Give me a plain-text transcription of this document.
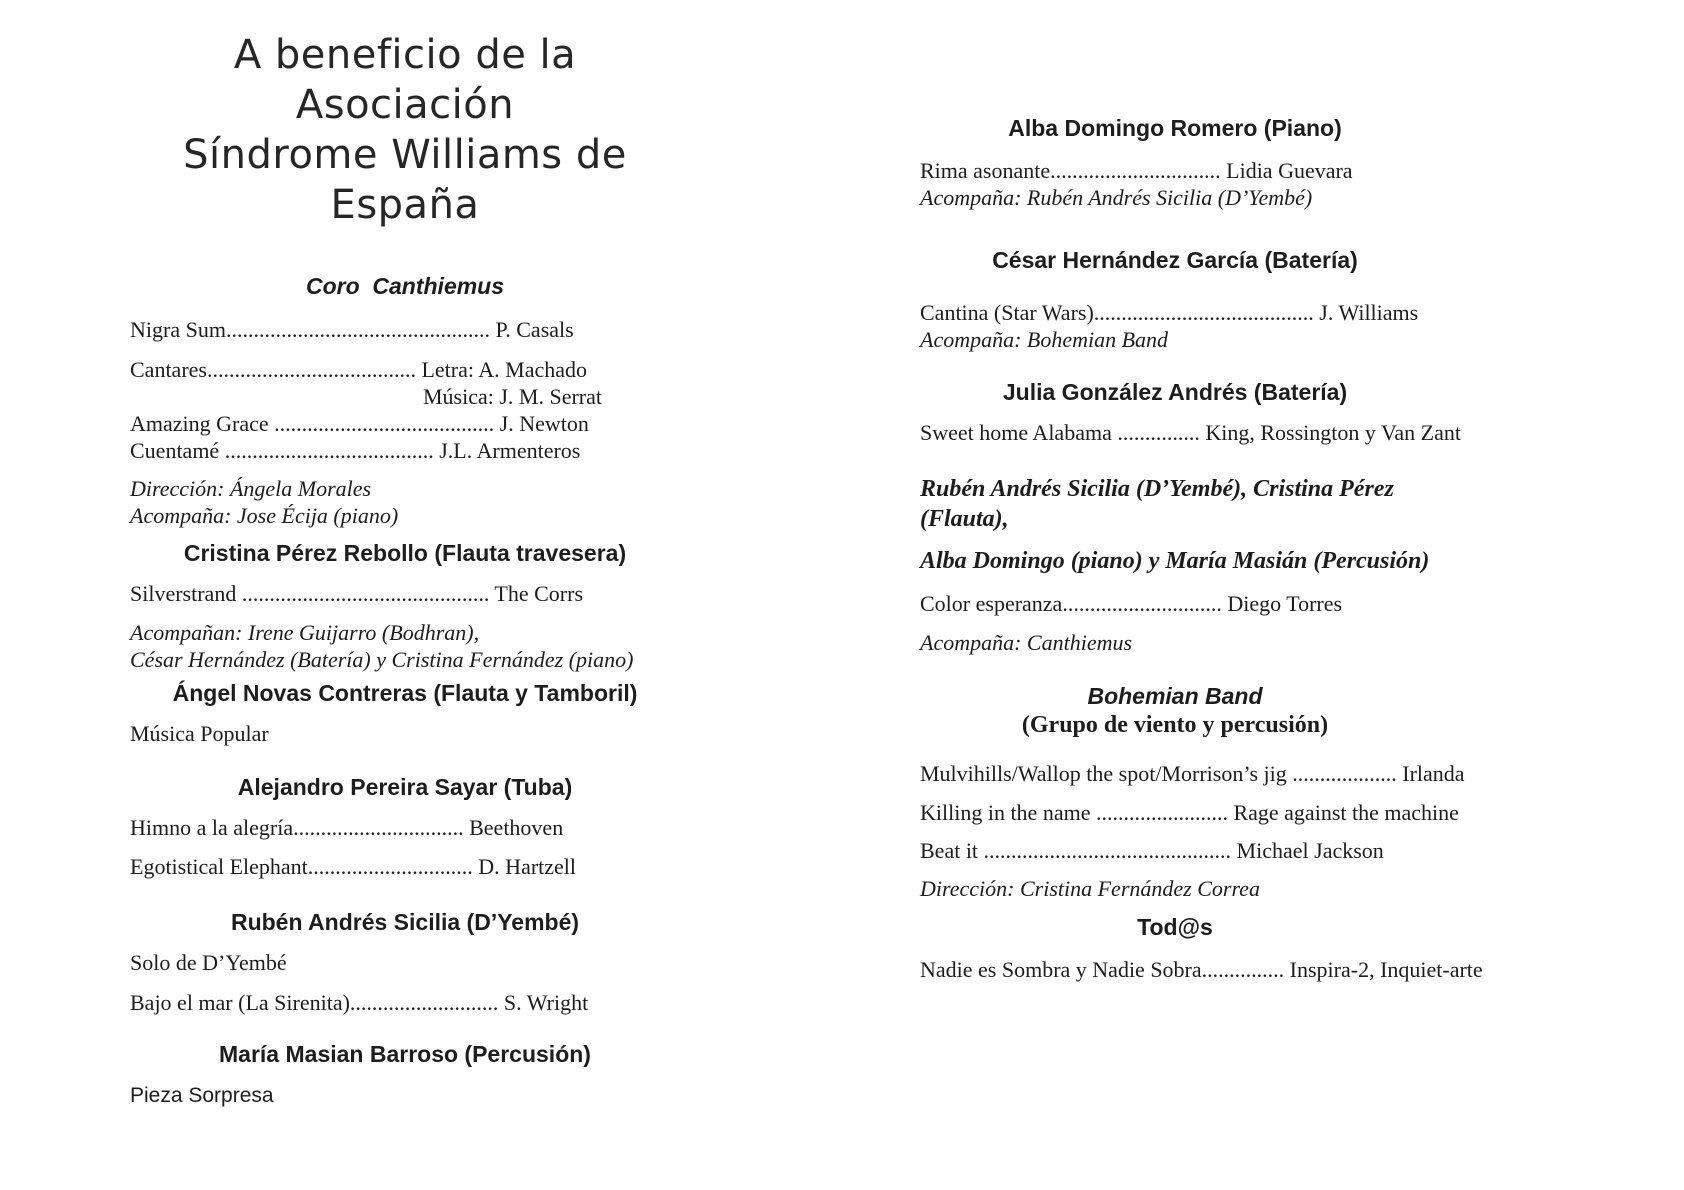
A beneficio de la Asociación
Síndrome Williams de España

Coro  Canthiemus

Nigra Sum................................................ P. Casals

Cantares...................................... Letra: A. Machado

Música: J. M. Serrat

Amazing Grace ........................................ J. Newton

Cuentamé ...................................... J.L. Armenteros

Dirección: Ángela Morales

Acompaña: Jose Écija (piano)

Cristina Pérez Rebollo (Flauta travesera)

Silverstrand ............................................. The Corrs

Acompañan: Irene Guijarro (Bodhran),

César Hernández (Batería) y Cristina Fernández (piano)

Ángel Novas Contreras (Flauta y Tamboril)

Música Popular

Alejandro Pereira Sayar (Tuba)

Himno a la alegría............................... Beethoven

Egotistical Elephant.............................. D. Hartzell

Rubén Andrés Sicilia (D’Yembé)

Solo de D’Yembé

Bajo el mar (La Sirenita)........................... S. Wright

María Masian Barroso (Percusión)

Pieza Sorpresa

Alba Domingo Romero (Piano)

Rima asonante............................... Lidia Guevara

Acompaña: Rubén Andrés Sicilia (D’Yembé)

César Hernández García (Batería)

Cantina (Star Wars)........................................ J. Williams

Acompaña: Bohemian Band

Julia González Andrés (Batería)

Sweet home Alabama ............... King, Rossington y Van Zant

Rubén Andrés Sicilia (D’Yembé), Cristina Pérez  (Flauta),

Alba Domingo (piano) y María Masián (Percusión)

Color esperanza............................. Diego Torres

Acompaña: Canthiemus

Bohemian Band

(Grupo de viento y percusión)

Mulvihills/Wallop the spot/Morrison’s jig ................... Irlanda

Killing in the name ........................ Rage against the machine

Beat it ............................................. Michael Jackson

Dirección: Cristina Fernández Correa

Tod@s

Nadie es Sombra y Nadie Sobra............... Inspira-2, Inquiet-arte
